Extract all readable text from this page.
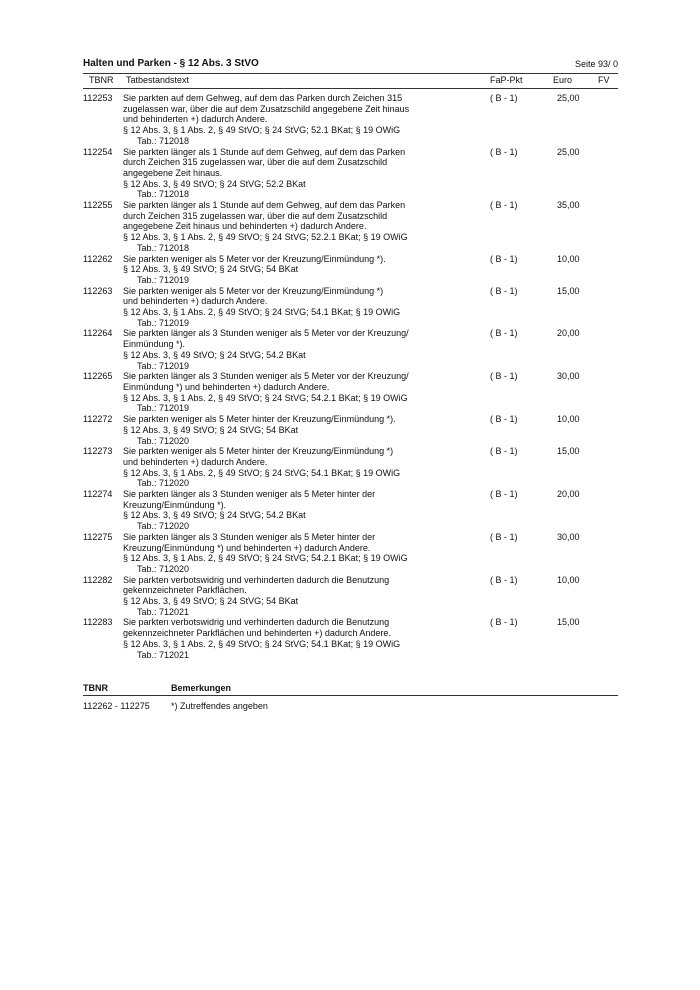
Halten und Parken - § 12 Abs. 3 StVO	Seite 93/ 0
TBNR Tatbestandstext	FaP-Pkt	Euro	FV
112253	Sie parkten auf dem Gehweg, auf dem das Parken durch Zeichen 315
zugelassen war, über die auf dem Zusatzschild angegebene Zeit hinaus
und behinderten +) dadurch Andere.
§ 12 Abs. 3, § 1 Abs. 2, § 49 StVO; § 24 StVG; 52.1 BKat; § 19 OWiG
Tab.: 712018
( B - 1)	25,00
112254	Sie parkten länger als 1 Stunde auf dem Gehweg, auf dem das Parken
durch Zeichen 315 zugelassen war, über die auf dem Zusatzschild
angegebene Zeit hinaus.
§ 12 Abs. 3, § 49 StVO; § 24 StVG; 52.2 BKat
Tab.: 712018
( B - 1)	25,00
112255	Sie parkten länger als 1 Stunde auf dem Gehweg, auf dem das Parken
durch Zeichen 315 zugelassen war, über die auf dem Zusatzschild
angegebene Zeit hinaus und behinderten +) dadurch Andere.
§ 12 Abs. 3, § 1 Abs. 2, § 49 StVO; § 24 StVG; 52.2.1 BKat; § 19 OWiG
Tab.: 712018
( B - 1)	35,00
112262	Sie parkten weniger als 5 Meter vor der Kreuzung/Einmündung *).
§ 12 Abs. 3, § 49 StVO; § 24 StVG; 54 BKat
Tab.: 712019
( B - 1)	10,00
112263	Sie parkten weniger als 5 Meter vor der Kreuzung/Einmündung *)
und behinderten +) dadurch Andere.
§ 12 Abs. 3, § 1 Abs. 2, § 49 StVO; § 24 StVG; 54.1 BKat; § 19 OWiG
Tab.: 712019
( B - 1)	15,00
112264	Sie parkten länger als 3 Stunden weniger als 5 Meter vor der Kreuzung/
Einmündung *).
§ 12 Abs. 3, § 49 StVO; § 24 StVG; 54.2 BKat
Tab.: 712019
( B - 1)	20,00
112265	Sie parkten länger als 3 Stunden weniger als 5 Meter vor der Kreuzung/
Einmündung *) und behinderten +) dadurch Andere.
§ 12 Abs. 3, § 1 Abs. 2, § 49 StVO; § 24 StVG; 54.2.1 BKat; § 19 OWiG
Tab.: 712019
( B - 1)	30,00
112272	Sie parkten weniger als 5 Meter hinter der Kreuzung/Einmündung *).
§ 12 Abs. 3, § 49 StVO; § 24 StVG; 54 BKat
Tab.: 712020
( B - 1)	10,00
112273	Sie parkten weniger als 5 Meter hinter der Kreuzung/Einmündung *)
und behinderten +) dadurch Andere.
§ 12 Abs. 3, § 1 Abs. 2, § 49 StVO; § 24 StVG; 54.1 BKat; § 19 OWiG
Tab.: 712020
( B - 1)	15,00
112274	Sie parkten länger als 3 Stunden weniger als 5 Meter hinter der
Kreuzung/Einmündung *).
§ 12 Abs. 3, § 49 StVO; § 24 StVG; 54.2 BKat
Tab.: 712020
( B - 1)	20,00
112275	Sie parkten länger als 3 Stunden weniger als 5 Meter hinter der
Kreuzung/Einmündung *) und behinderten +) dadurch Andere.
§ 12 Abs. 3, § 1 Abs. 2, § 49 StVO; § 24 StVG; 54.2.1 BKat; § 19 OWiG
Tab.: 712020
( B - 1)	30,00
112282	Sie parkten verbotswidrig und verhinderten dadurch die Benutzung
gekennzeichneter Parkflächen.
§ 12 Abs. 3, § 49 StVO; § 24 StVG; 54 BKat
Tab.: 712021
( B - 1)	10,00
112283	Sie parkten verbotswidrig und verhinderten dadurch die Benutzung
gekennzeichneter Parkflächen und behinderten +) dadurch Andere.
§ 12 Abs. 3, § 1 Abs. 2, § 49 StVO; § 24 StVG; 54.1 BKat; § 19 OWiG
Tab.: 712021
( B - 1)	15,00
TBNR	Bemerkungen
112262 - 112275 *) Zutreffendes angeben
